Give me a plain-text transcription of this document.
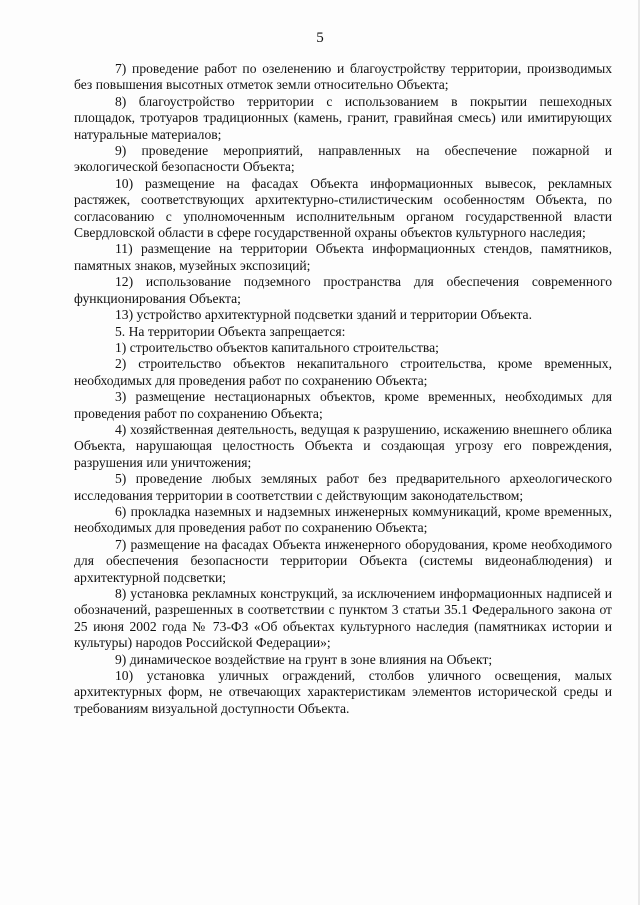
5

7) проведение работ по озеленению и благоустройству территории, производимых без повышения высотных отметок земли относительно Объекта;

8) благоустройство территории с использованием в покрытии пешеходных площадок, тротуаров традиционных (камень, гранит, гравийная смесь) или имитирующих натуральные материалов;

9) проведение мероприятий, направленных на обеспечение пожарной и экологической безопасности Объекта;

10) размещение на фасадах Объекта информационных вывесок, рекламных растяжек, соответствующих архитектурно-стилистическим особенностям Объекта, по согласованию с уполномоченным исполнительным органом государственной власти Свердловской области в сфере государственной охраны объектов культурного наследия;

11) размещение на территории Объекта информационных стендов, памятников, памятных знаков, музейных экспозиций;

12) использование подземного пространства для обеспечения современного функционирования Объекта;

13) устройство архитектурной подсветки зданий и территории Объекта.

5. На территории Объекта запрещается:

1) строительство объектов капитального строительства;

2) строительство объектов некапитального строительства, кроме временных, необходимых для проведения работ по сохранению Объекта;

3) размещение нестационарных объектов, кроме временных, необходимых для проведения работ по сохранению Объекта;

4) хозяйственная деятельность, ведущая к разрушению, искажению внешнего облика Объекта, нарушающая целостность Объекта и создающая угрозу его повреждения, разрушения или уничтожения;

5) проведение любых земляных работ без предварительного археологического исследования территории в соответствии с действующим законодательством;

6) прокладка наземных и надземных инженерных коммуникаций, кроме временных, необходимых для проведения работ по сохранению Объекта;

7) размещение на фасадах Объекта инженерного оборудования, кроме необходимого для обеспечения безопасности территории Объекта (системы видеонаблюдения) и архитектурной подсветки;

8) установка рекламных конструкций, за исключением информационных надписей и обозначений, разрешенных в соответствии с пунктом 3 статьи 35.1 Федерального закона от 25 июня 2002 года № 73-ФЗ «Об объектах культурного наследия (памятниках истории и культуры) народов Российской Федерации»;

9) динамическое воздействие на грунт в зоне влияния на Объект;

10) установка уличных ограждений, столбов уличного освещения, малых архитектурных форм, не отвечающих характеристикам элементов исторической среды и требованиям визуальной доступности Объекта.
